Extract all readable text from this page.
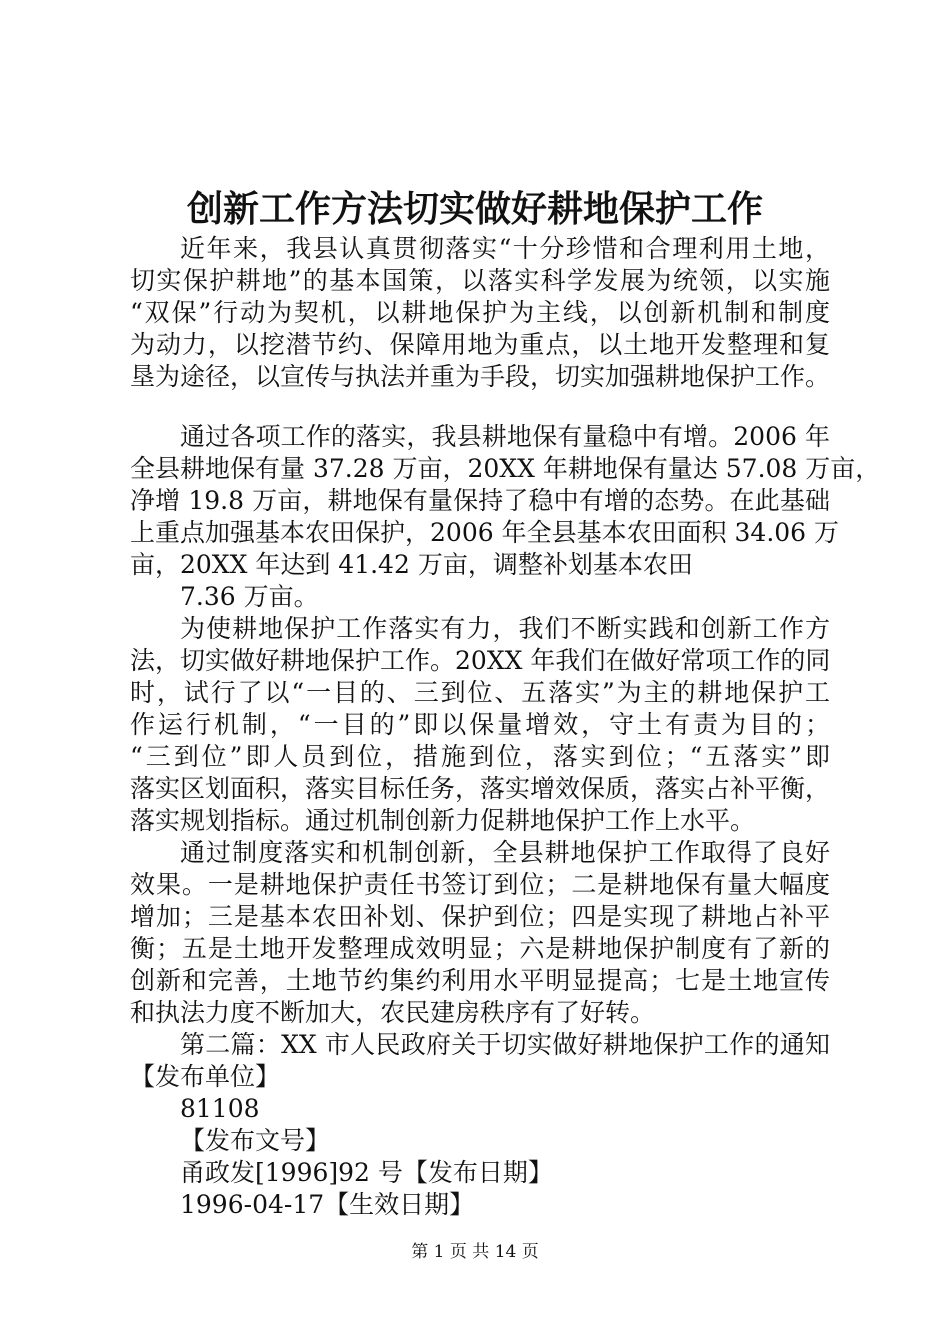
创新工作方法切实做好耕地保护工作
近年来，我县认真贯彻落实“十分珍惜和合理利用土地，
切实保护耕地”的基本国策，以落实科学发展为统领，以实施
“双保”行动为契机，以耕地保护为主线，以创新机制和制度
为动力，以挖潜节约、保障用地为重点，以土地开发整理和复
垦为途径，以宣传与执法并重为手段，切实加强耕地保护工作。
通过各项工作的落实，我县耕地保有量稳中有增。2006 年
全县耕地保有量 37.28 万亩，20XX 年耕地保有量达 57.08 万亩，
净增 19.8 万亩，耕地保有量保持了稳中有增的态势。在此基础
上重点加强基本农田保护，2006 年全县基本农田面积 34.06 万
亩，20XX 年达到 41.42 万亩，调整补划基本农田
7.36 万亩。
为使耕地保护工作落实有力，我们不断实践和创新工作方
法，切实做好耕地保护工作。20XX 年我们在做好常项工作的同
时，试行了以“一目的、三到位、五落实”为主的耕地保护工
作运行机制，“一目的”即以保量增效，守土有责为目的；
“三到位”即人员到位，措施到位，落实到位；“五落实”即
落实区划面积，落实目标任务，落实增效保质，落实占补平衡，
落实规划指标。通过机制创新力促耕地保护工作上水平。
通过制度落实和机制创新，全县耕地保护工作取得了良好
效果。一是耕地保护责任书签订到位；二是耕地保有量大幅度
增加；三是基本农田补划、保护到位；四是实现了耕地占补平
衡；五是土地开发整理成效明显；六是耕地保护制度有了新的
创新和完善，土地节约集约利用水平明显提高；七是土地宣传
和执法力度不断加大，农民建房秩序有了好转。
第二篇：XX 市人民政府关于切实做好耕地保护工作的通知
【发布单位】
81108
【发布文号】
甬政发[1996]92 号【发布日期】
1996-04-17【生效日期】
第 1 页 共 14 页
